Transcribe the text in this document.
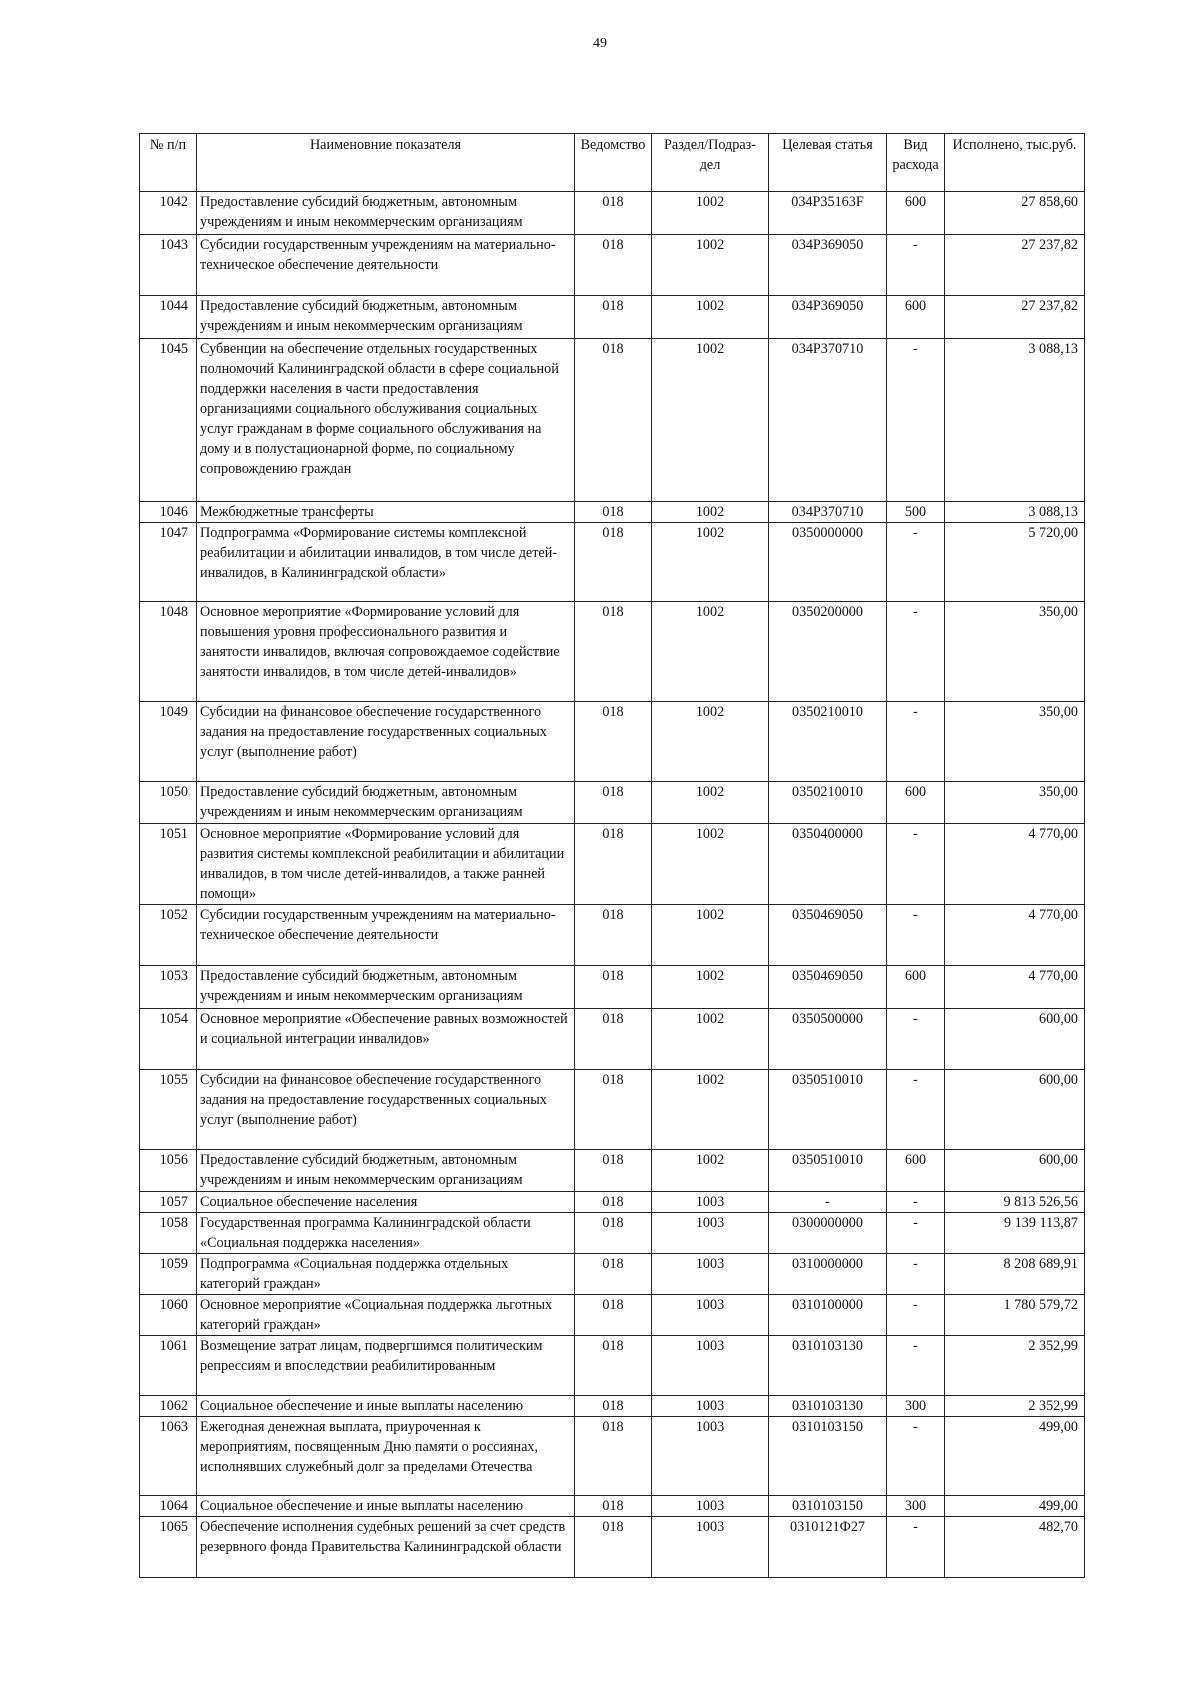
49
№ п/п	Наименовние показателя	Ведомство	Раздел/Подраз-дел	Целевая статья	Вид расхода	Исполнено, тыс.руб.
1042	Предоставление субсидий бюджетным, автономным учреждениям и иным некоммерческим организациям	018	1002	034P35163F	600	27 858,60
1043	Субсидии государственным учреждениям на материально-техническое обеспечение деятельности	018	1002	034P369050	-	27 237,82
1044	Предоставление субсидий бюджетным, автономным учреждениям и иным некоммерческим организациям	018	1002	034P369050	600	27 237,82
1045	Субвенции на обеспечение отдельных государственных полномочий Калининградской области в сфере социальной поддержки населения в части предоставления организациями социального обслуживания социальных услуг гражданам в форме социального обслуживания на дому и в полустационарной форме, по социальному сопровождению граждан	018	1002	034P370710	-	3 088,13
1046	Межбюджетные трансферты	018	1002	034P370710	500	3 088,13
1047	Подпрограмма «Формирование системы комплексной реабилитации и абилитации инвалидов, в том числе детей-инвалидов, в Калининградской области»	018	1002	0350000000	-	5 720,00
1048	Основное мероприятие «Формирование условий для повышения уровня профессионального развития и занятости инвалидов, включая сопровождаемое содействие занятости инвалидов, в том числе детей-инвалидов»	018	1002	0350200000	-	350,00
1049	Субсидии на финансовое обеспечение государственного задания на предоставление государственных социальных услуг (выполнение работ)	018	1002	0350210010	-	350,00
1050	Предоставление субсидий бюджетным, автономным учреждениям и иным некоммерческим организациям	018	1002	0350210010	600	350,00
1051	Основное мероприятие «Формирование условий для развития системы комплексной реабилитации и абилитации инвалидов, в том числе детей-инвалидов, а также ранней помощи»	018	1002	0350400000	-	4 770,00
1052	Субсидии государственным учреждениям на материально-техническое обеспечение деятельности	018	1002	0350469050	-	4 770,00
1053	Предоставление субсидий бюджетным, автономным учреждениям и иным некоммерческим организациям	018	1002	0350469050	600	4 770,00
1054	Основное мероприятие «Обеспечение равных возможностей и социальной интеграции инвалидов»	018	1002	0350500000	-	600,00
1055	Субсидии на финансовое обеспечение государственного задания на предоставление государственных социальных услуг (выполнение работ)	018	1002	0350510010	-	600,00
1056	Предоставление субсидий бюджетным, автономным учреждениям и иным некоммерческим организациям	018	1002	0350510010	600	600,00
1057	Социальное обеспечение населения	018	1003	-	-	9 813 526,56
1058	Государственная программа Калининградской области «Социальная поддержка населения»	018	1003	0300000000	-	9 139 113,87
1059	Подпрограмма «Социальная поддержка отдельных категорий граждан»	018	1003	0310000000	-	8 208 689,91
1060	Основное мероприятие «Социальная поддержка льготных категорий граждан»	018	1003	0310100000	-	1 780 579,72
1061	Возмещение затрат лицам, подвергшимся политическим репрессиям и впоследствии реабилитированным	018	1003	0310103130	-	2 352,99
1062	Социальное обеспечение и иные выплаты населению	018	1003	0310103130	300	2 352,99
1063	Ежегодная денежная выплата, приуроченная к мероприятиям, посвященным Дню памяти о россиянах, исполнявших служебный долг за пределами Отечества	018	1003	0310103150	-	499,00
1064	Социальное обеспечение и иные выплаты населению	018	1003	0310103150	300	499,00
1065	Обеспечение исполнения судебных решений за счет средств резервного фонда Правительства Калининградской области	018	1003	0310121Ф27	-	482,70
